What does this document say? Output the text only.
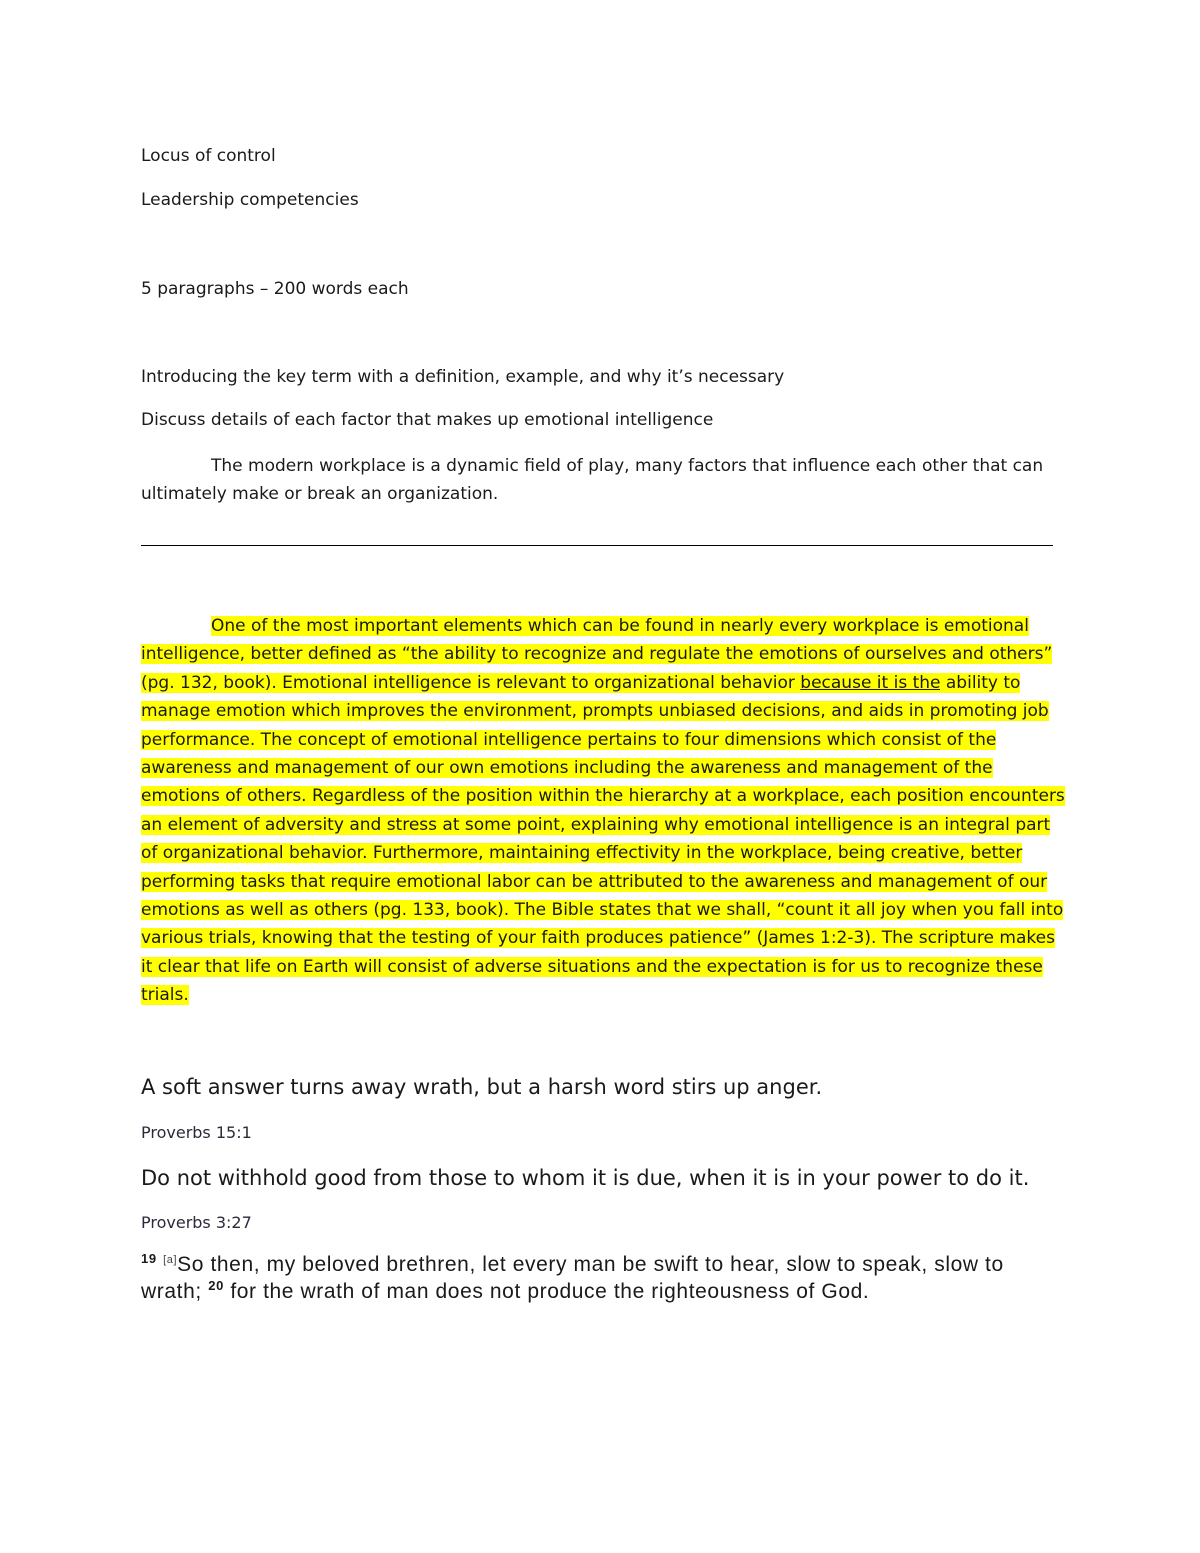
Locus of control

Leadership competencies

5 paragraphs – 200 words each

Introducing the key term with a definition, example, and why it’s necessary

Discuss details of each factor that makes up emotional intelligence

The modern workplace is a dynamic field of play, many factors that influence each other that can ultimately make or break an organization.

One of the most important elements which can be found in nearly every workplace is emotional intelligence, better defined as “the ability to recognize and regulate the emotions of ourselves and others” (pg. 132, book). Emotional intelligence is relevant to organizational behavior because it is the ability to manage emotion which improves the environment, prompts unbiased decisions, and aids in promoting job performance. The concept of emotional intelligence pertains to four dimensions which consist of the awareness and management of our own emotions including the awareness and management of the emotions of others. Regardless of the position within the hierarchy at a workplace, each position encounters an element of adversity and stress at some point, explaining why emotional intelligence is an integral part of organizational behavior. Furthermore, maintaining effectivity in the workplace, being creative, better performing tasks that require emotional labor can be attributed to the awareness and management of our emotions as well as others (pg. 133, book). The Bible states that we shall, “count it all joy when you fall into various trials, knowing that the testing of your faith produces patience” (James 1:2-3). The scripture makes it clear that life on Earth will consist of adverse situations and the expectation is for us to recognize these trials.

A soft answer turns away wrath, but a harsh word stirs up anger.

Proverbs 15:1

Do not withhold good from those to whom it is due, when it is in your power to do it.

Proverbs 3:27

$^{19}$ [a]So then, my beloved brethren, let every man be swift to hear, slow to speak, slow to wrath; $^{20}$ for the wrath of man does not produce the righteousness of God.
